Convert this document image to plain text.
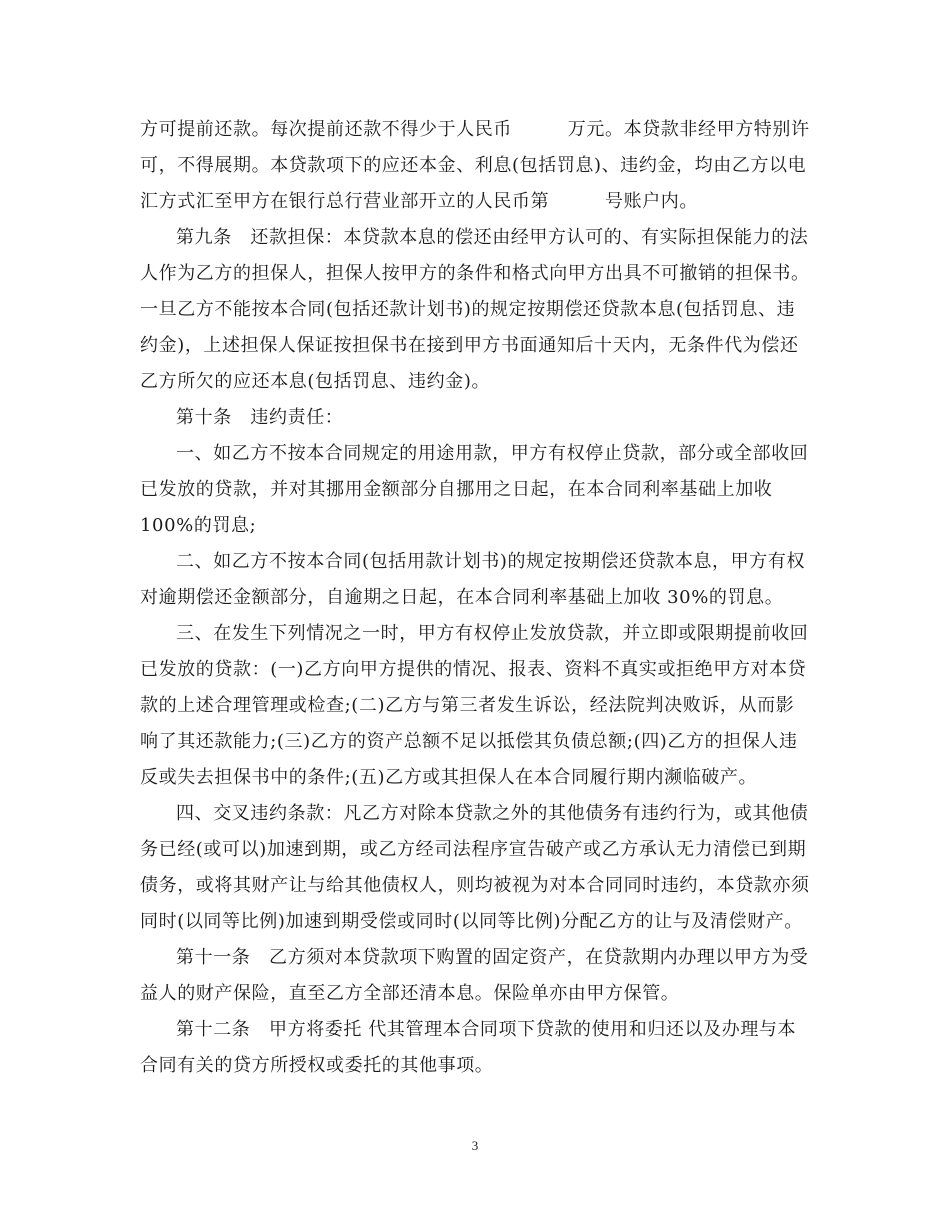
方可提前还款。每次提前还款不得少于人民币　　　万元。本贷款非经甲方特别许
可，不得展期。本贷款项下的应还本金、利息(包括罚息)、违约金，均由乙方以电
汇方式汇至甲方在银行总行营业部开立的人民币第　　　号账户内。
第九条　还款担保：本贷款本息的偿还由经甲方认可的、有实际担保能力的法
人作为乙方的担保人，担保人按甲方的条件和格式向甲方出具不可撤销的担保书。
一旦乙方不能按本合同(包括还款计划书)的规定按期偿还贷款本息(包括罚息、违
约金)，上述担保人保证按担保书在接到甲方书面通知后十天内，无条件代为偿还
乙方所欠的应还本息(包括罚息、违约金)。
第十条　违约责任：
一、如乙方不按本合同规定的用途用款，甲方有权停止贷款，部分或全部收回
已发放的贷款，并对其挪用金额部分自挪用之日起，在本合同利率基础上加收
100%的罚息;
二、如乙方不按本合同(包括用款计划书)的规定按期偿还贷款本息，甲方有权
对逾期偿还金额部分，自逾期之日起，在本合同利率基础上加收 30%的罚息。
三、在发生下列情况之一时，甲方有权停止发放贷款，并立即或限期提前收回
已发放的贷款：(一)乙方向甲方提供的情况、报表、资料不真实或拒绝甲方对本贷
款的上述合理管理或检查;(二)乙方与第三者发生诉讼，经法院判决败诉，从而影
响了其还款能力;(三)乙方的资产总额不足以抵偿其负债总额;(四)乙方的担保人违
反或失去担保书中的条件;(五)乙方或其担保人在本合同履行期内濒临破产。
四、交叉违约条款：凡乙方对除本贷款之外的其他债务有违约行为，或其他债
务已经(或可以)加速到期，或乙方经司法程序宣告破产或乙方承认无力清偿已到期
债务，或将其财产让与给其他债权人，则均被视为对本合同同时违约，本贷款亦须
同时(以同等比例)加速到期受偿或同时(以同等比例)分配乙方的让与及清偿财产。
第十一条　乙方须对本贷款项下购置的固定资产，在贷款期内办理以甲方为受
益人的财产保险，直至乙方全部还清本息。保险单亦由甲方保管。
第十二条　甲方将委托 代其管理本合同项下贷款的使用和归还以及办理与本
合同有关的贷方所授权或委托的其他事项。
3
